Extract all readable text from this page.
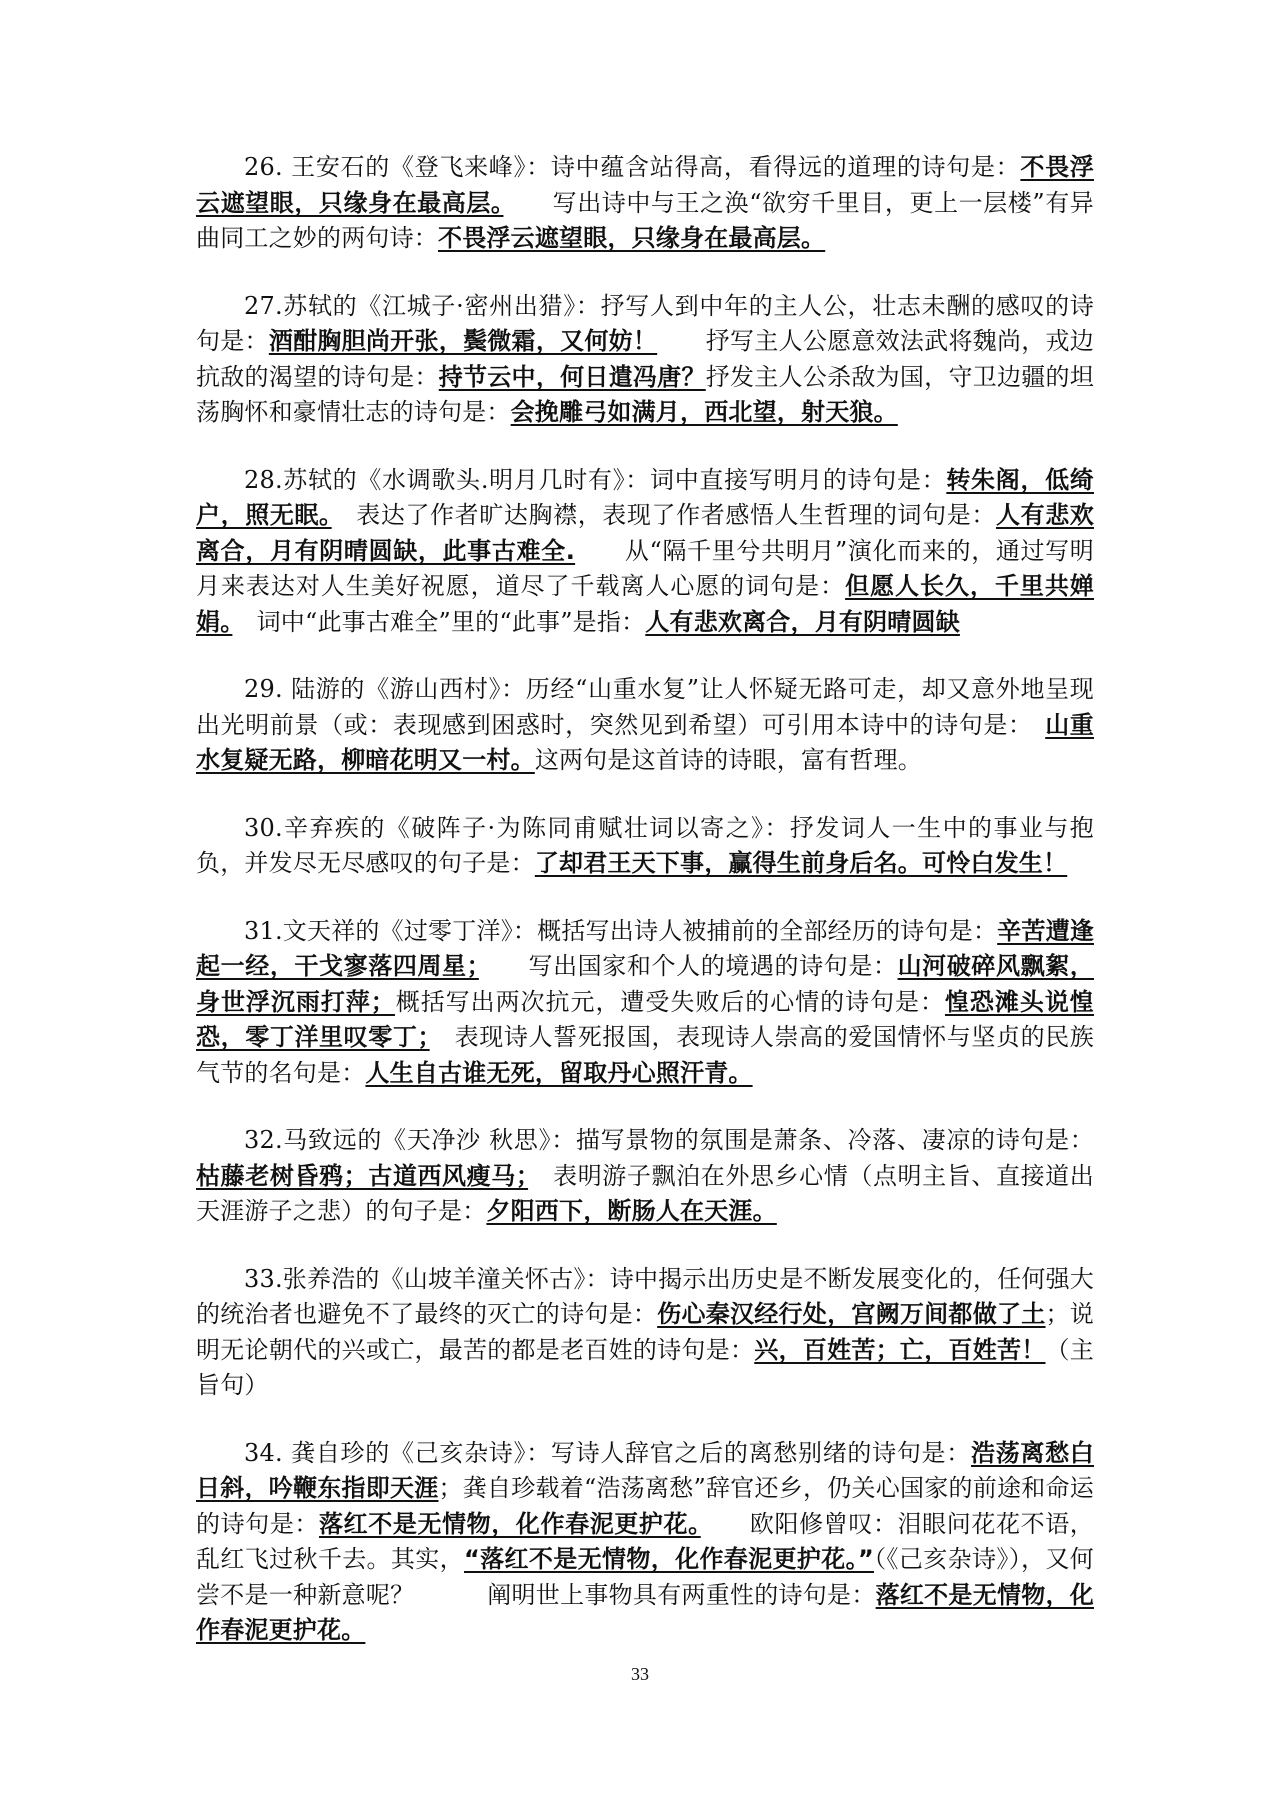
26. 王安石的《登飞来峰》：诗中蕴含站得高，看得远的道理的诗句是：不畏浮云遮望眼，只缘身在最高层。　　写出诗中与王之涣“欲穷千里目，更上一层楼”有异曲同工之妙的两句诗：不畏浮云遮望眼，只缘身在最高层。

27.苏轼的《江城子·密州出猎》：抒写人到中年的主人公，壮志未酬的感叹的诗句是：酒酣胸胆尚开张，鬓微霜，又何妨！　　抒写主人公愿意效法武将魏尚，戎边抗敌的渴望的诗句是：持节云中，何日遣冯唐？抒发主人公杀敌为国，守卫边疆的坦荡胸怀和豪情壮志的诗句是：会挽雕弓如满月，西北望，射天狼。

28.苏轼的《水调歌头.明月几时有》：词中直接写明月的诗句是：转朱阁，低绮户，照无眠。　表达了作者旷达胸襟，表现了作者感悟人生哲理的词句是：人有悲欢离合，月有阴晴圆缺，此事古难全.　　从“隔千里兮共明月”演化而来的，通过写明月来表达对人生美好祝愿，道尽了千载离人心愿的词句是：但愿人长久，千里共婵娟。　词中“此事古难全”里的“此事”是指：人有悲欢离合，月有阴晴圆缺

29. 陆游的《游山西村》：历经“山重水复”让人怀疑无路可走，却又意外地呈现出光明前景（或：表现感到困惑时，突然见到希望）可引用本诗中的诗句是：　山重水复疑无路，柳暗花明又一村。这两句是这首诗的诗眼，富有哲理。

30.辛弃疾的《破阵子·为陈同甫赋壮词以寄之》：抒发词人一生中的事业与抱负，并发尽无尽感叹的句子是：了却君王天下事，赢得生前身后名。可怜白发生！

31.文天祥的《过零丁洋》：概括写出诗人被捕前的全部经历的诗句是：辛苦遭逢起一经，干戈寥落四周星；　　写出国家和个人的境遇的诗句是：山河破碎风飘絮，身世浮沉雨打萍；概括写出两次抗元，遭受失败后的心情的诗句是：惶恐滩头说惶恐，零丁洋里叹零丁；　表现诗人誓死报国，表现诗人崇高的爱国情怀与坚贞的民族气节的名句是：人生自古谁无死，留取丹心照汗青。

32.马致远的《天净沙 秋思》：描写景物的氛围是萧条、冷落、凄凉的诗句是：枯藤老树昏鸦；古道西风瘦马；　表明游子飘泊在外思乡心情（点明主旨、直接道出天涯游子之悲）的句子是：夕阳西下，断肠人在天涯。

33.张养浩的《山坡羊潼关怀古》：诗中揭示出历史是不断发展变化的，任何强大的统治者也避免不了最终的灭亡的诗句是：伤心秦汉经行处，宫阙万间都做了土；说明无论朝代的兴或亡，最苦的都是老百姓的诗句是：兴，百姓苦；亡，百姓苦！（主旨句）

34. 龚自珍的《己亥杂诗》：写诗人辞官之后的离愁别绪的诗句是：浩荡离愁白日斜，吟鞭东指即天涯；龚自珍载着“浩荡离愁”辞官还乡，仍关心国家的前途和命运的诗句是：落红不是无情物，化作春泥更护花。　　欧阳修曾叹：泪眼问花花不语，乱红飞过秋千去。其实，“落红不是无情物，化作春泥更护花。”（《己亥杂诗》），又何尝不是一种新意呢？　　　阐明世上事物具有两重性的诗句是：落红不是无情物，化作春泥更护花。

33
